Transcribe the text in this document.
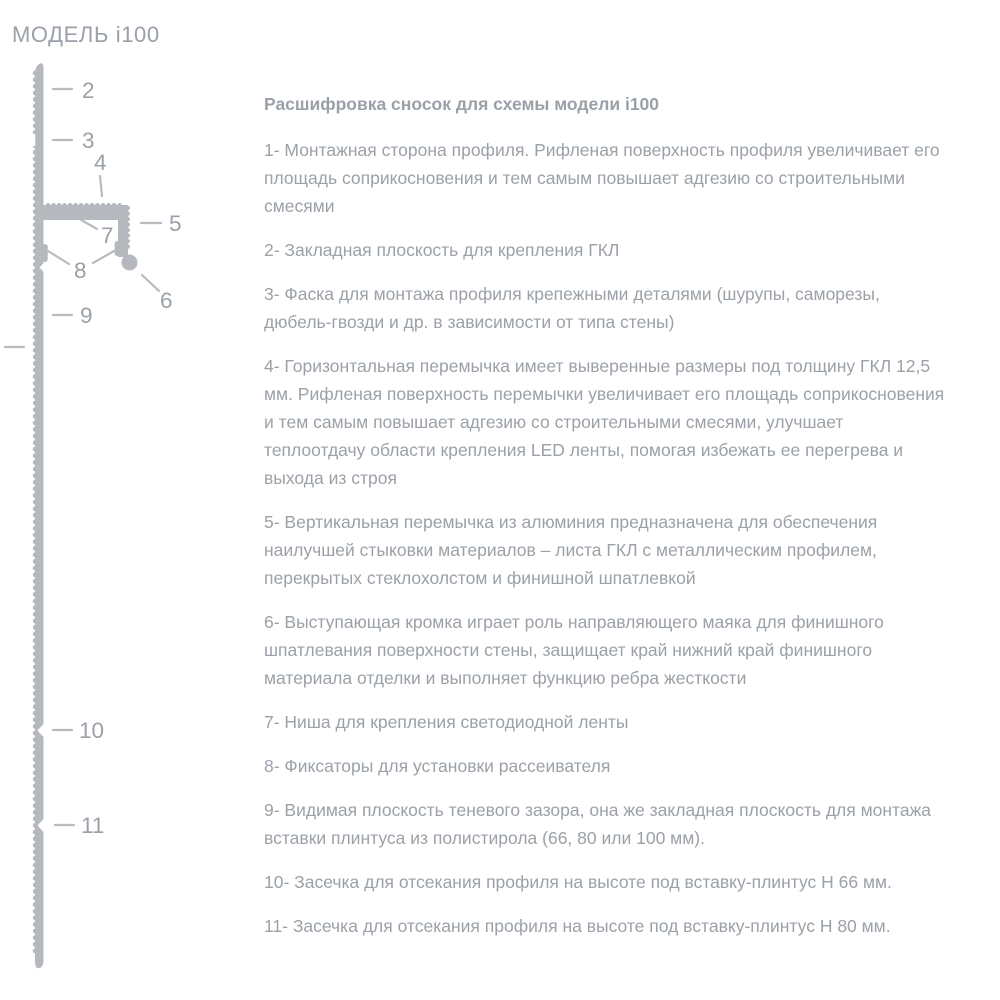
МОДЕЛЬ i100
2
3
4
5
6
7
8
9
10
11
Расшифровка сносок для схемы модели i100

1- Монтажная сторона профиля. Рифленая поверхность профиля увеличивает его площадь соприкосновения и тем самым повышает адгезию со строительными смесями

2- Закладная плоскость для крепления ГКЛ

3- Фаска для монтажа профиля крепежными деталями (шурупы, саморезы, дюбель-гвозди и др. в зависимости от типа стены)

4- Горизонтальная перемычка имеет выверенные размеры под толщину ГКЛ 12,5 мм. Рифленая поверхность перемычки увеличивает его площадь соприкосновения и тем самым повышает адгезию со строительными смесями, улучшает теплоотдачу области крепления LED ленты, помогая избежать ее перегрева и выхода из строя

5- Вертикальная перемычка из алюминия предназначена для обеспечения наилучшей стыковки материалов – листа ГКЛ с металлическим профилем, перекрытых стеклохолстом и финишной шпатлевкой

6- Выступающая кромка играет роль направляющего маяка для финишного шпатлевания поверхности стены, защищает край нижний край финишного материала отделки и выполняет функцию ребра жесткости

7- Ниша для крепления светодиодной ленты

8- Фиксаторы для установки рассеивателя

9- Видимая плоскость теневого зазора, она же закладная плоскость для монтажа вставки плинтуса из полистирола (66, 80 или 100 мм).

10- Засечка для отсекания профиля на высоте под вставку-плинтус Н 66 мм.

11- Засечка для отсекания профиля на высоте под вставку-плинтус Н 80 мм.
